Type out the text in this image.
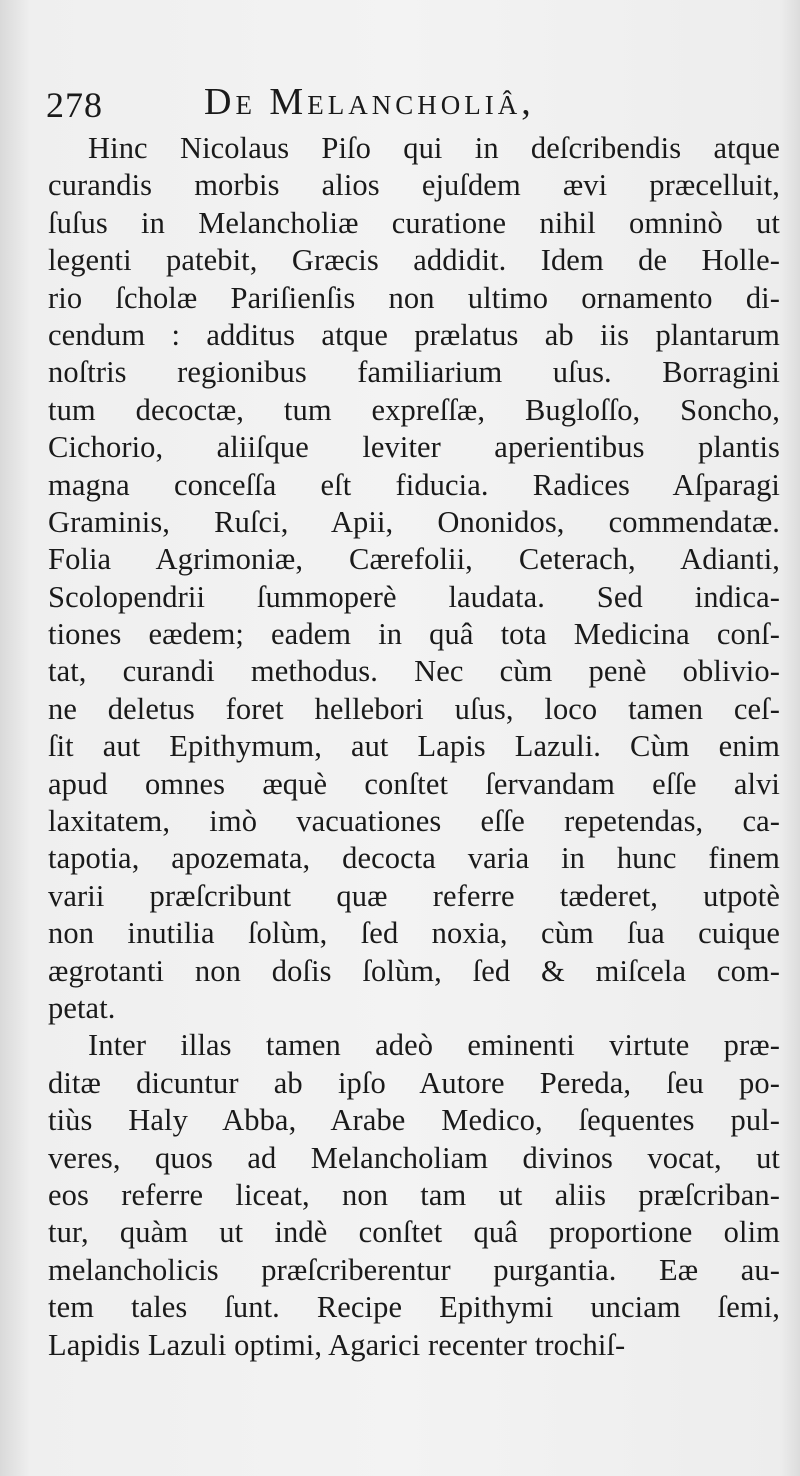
278	De Melancholiâ,
Hinc Nicolaus Piſo qui in deſcribendis atque
curandis morbis alios ejuſdem ævi præcelluit,
ſuſus in Melancholiæ curatione nihil omninò ut
legenti patebit, Græcis addidit. Idem de Holle-
rio ſcholæ Pariſienſis non ultimo ornamento di-
cendum : additus atque prælatus ab iis plantarum
noſtris regionibus familiarium uſus. Borragini
tum decoctæ, tum expreſſæ, Bugloſſo, Soncho,
Cichorio, aliiſque leviter aperientibus plantis
magna conceſſa eſt fiducia. Radices Aſparagi
Graminis, Ruſci, Apii, Ononidos, commendatæ.
Folia Agrimoniæ, Cærefolii, Ceterach, Adianti,
Scolopendrii ſummoperè laudata. Sed indica-
tiones eædem; eadem in quâ tota Medicina conſ-
tat, curandi methodus. Nec cùm penè oblivio-
ne deletus foret hellebori uſus, loco tamen ceſ-
ſit aut Epithymum, aut Lapis Lazuli. Cùm enim
apud omnes æquè conſtet ſervandam eſſe alvi
laxitatem, imò vacuationes eſſe repetendas, ca-
tapotia, apozemata, decocta varia in hunc finem
varii præſcribunt quæ referre tæderet, utpotè
non inutilia ſolùm, ſed noxia, cùm ſua cuique
ægrotanti non doſis ſolùm, ſed & miſcela com-
petat.
Inter illas tamen adeò eminenti virtute præ-
ditæ dicuntur ab ipſo Autore Pereda, ſeu po-
tiùs Haly Abba, Arabe Medico, ſequentes pul-
veres, quos ad Melancholiam divinos vocat, ut
eos referre liceat, non tam ut aliis præſcriban-
tur, quàm ut indè conſtet quâ proportione olim
melancholicis præſcriberentur purgantia. Eæ au-
tem tales ſunt. Recipe Epithymi unciam ſemi,
Lapidis Lazuli optimi, Agarici recenter trochiſ-
